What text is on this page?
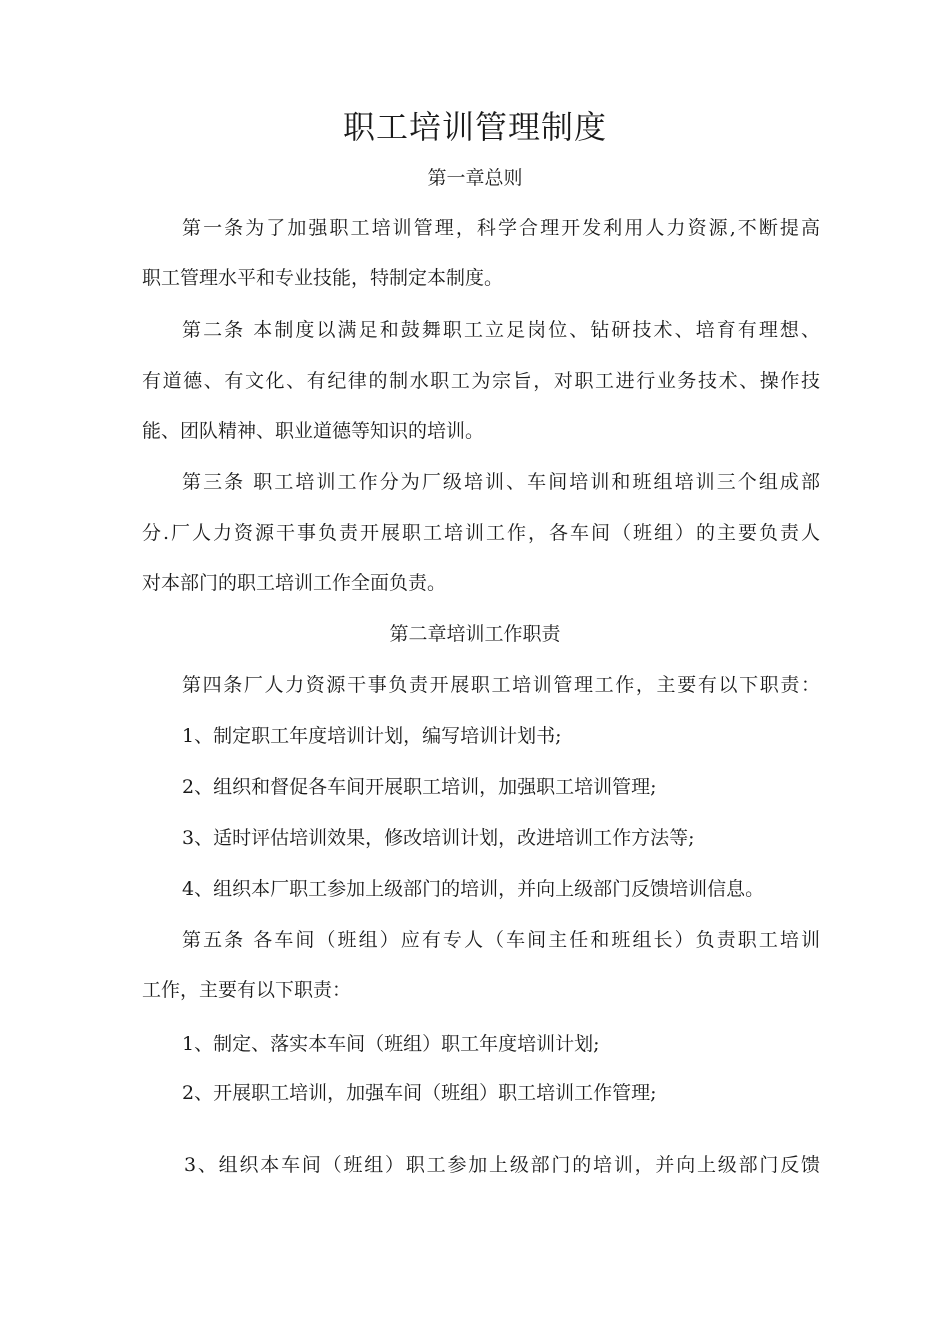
职工培训管理制度
第一章总则
第一条为了加强职工培训管理，科学合理开发利用人力资源,不断提高
职工管理水平和专业技能，特制定本制度。
第二条 本制度以满足和鼓舞职工立足岗位、钻研技术、培育有理想、
有道德、有文化、有纪律的制水职工为宗旨，对职工进行业务技术、操作技
能、团队精神、职业道德等知识的培训。
第三条 职工培训工作分为厂级培训、车间培训和班组培训三个组成部
分.厂人力资源干事负责开展职工培训工作，各车间（班组）的主要负责人
对本部门的职工培训工作全面负责。
第二章培训工作职责
第四条厂人力资源干事负责开展职工培训管理工作，主要有以下职责：
1、制定职工年度培训计划，编写培训计划书;
2、组织和督促各车间开展职工培训，加强职工培训管理;
3、适时评估培训效果，修改培训计划，改进培训工作方法等;
4、组织本厂职工参加上级部门的培训，并向上级部门反馈培训信息。
第五条 各车间（班组）应有专人（车间主任和班组长）负责职工培训
工作，主要有以下职责：
1、制定、落实本车间（班组）职工年度培训计划;
2、开展职工培训，加强车间（班组）职工培训工作管理;
3、组织本车间（班组）职工参加上级部门的培训，并向上级部门反馈
